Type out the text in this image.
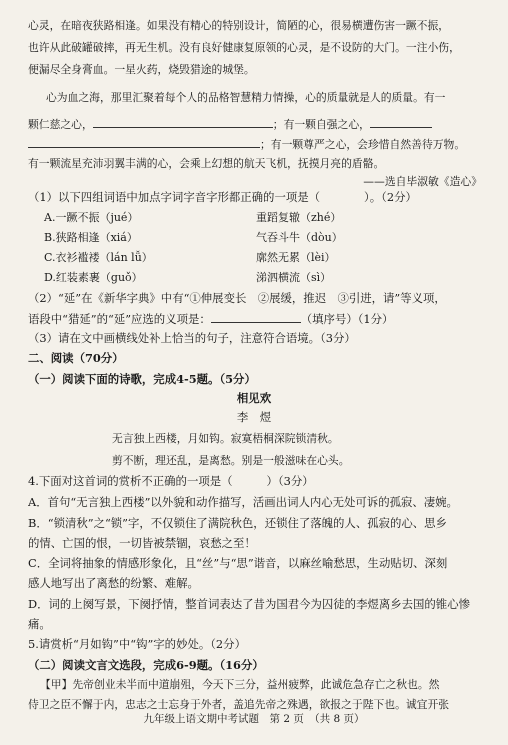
心灵，在暗夜狭路相逢。如果没有精心的特别设计，简陋的心，很易横遭伤害一蹶不振，
也许从此破罐破摔，再无生机。没有良好健康复原领的心灵，是不设防的大门。一注小伤，
便漏尽全身膏血。一星火药，烧毁猎途的城堡。
心为血之海，那里汇聚着每个人的品格智慧精力情操，心的质量就是人的质量。有一
颗仁慈之心，	；有一颗自强之心，
；有一颗尊严之心，会珍惜自然善待万物。
有一颗流星充沛羽翼丰满的心，会乘上幻想的航天飞机，抚摸月亮的盾骼。
——选自毕淑敏《造心》
（1）以下四组词语中加点字词字音字形都正确的一项是（	）。（2分）
A.一蹶不振（jué）	重蹈复辙（zhé）
B.狭路相逢（xiá）	气吞斗牛（dòu）
C.衣衫褴褛（lán lǚ）	廓然无累（lèi）
D.红装素裹（guǒ）	涕泗横流（sì）
（2）“延”在《新华字典》中有“①伸展变长　②展缓，推迟　③引进，请”等义项，
语段中“猎延”的“延”应选的义项是：	（填序号）（1分）
（3）请在文中画横线处补上恰当的句子，注意符合语境。（3分）
二、阅读（70分）
（一）阅读下面的诗歌，完成4-5题。（5分）
相见欢
李　煜
无言独上西楼，月如钩。寂寞梧桐深院锁清秋。
剪不断，理还乱，是离愁。别是一般滋味在心头。
4.下面对这首词的赏析不正确的一项是（	）（3分）
A．首句“无言独上西楼”以外貌和动作描写，活画出词人内心无处可诉的孤寂、凄婉。
B．“锁清秋”之“锁”字，不仅锁住了满院秋色，还锁住了落魄的人、孤寂的心、思乡
的情、亡国的恨，一切皆被禁锢，哀愁之至！
C．全词将抽象的情感形象化，且“丝”与“思”谐音，以麻丝喻愁思，生动贴切、深刻
感人地写出了离愁的纷繁、难解。
D．词的上阕写景，下阕抒情，整首词表达了昔为国君今为囚徒的李煜离乡去国的锥心惨
痛。
5.请赏析“月如钩”中“钩”字的妙处。（2分）
（二）阅读文言文选段，完成6-9题。（16分）
【甲】先帝创业未半而中道崩殂，今天下三分，益州疲弊，此诚危急存亡之秋也。然
侍卫之臣不懈于内，忠志之士忘身于外者，盖追先帝之殊遇，欲报之于陛下也。诚宜开张
九年级上语文期中考试题　第 2 页　（共 8 页）
